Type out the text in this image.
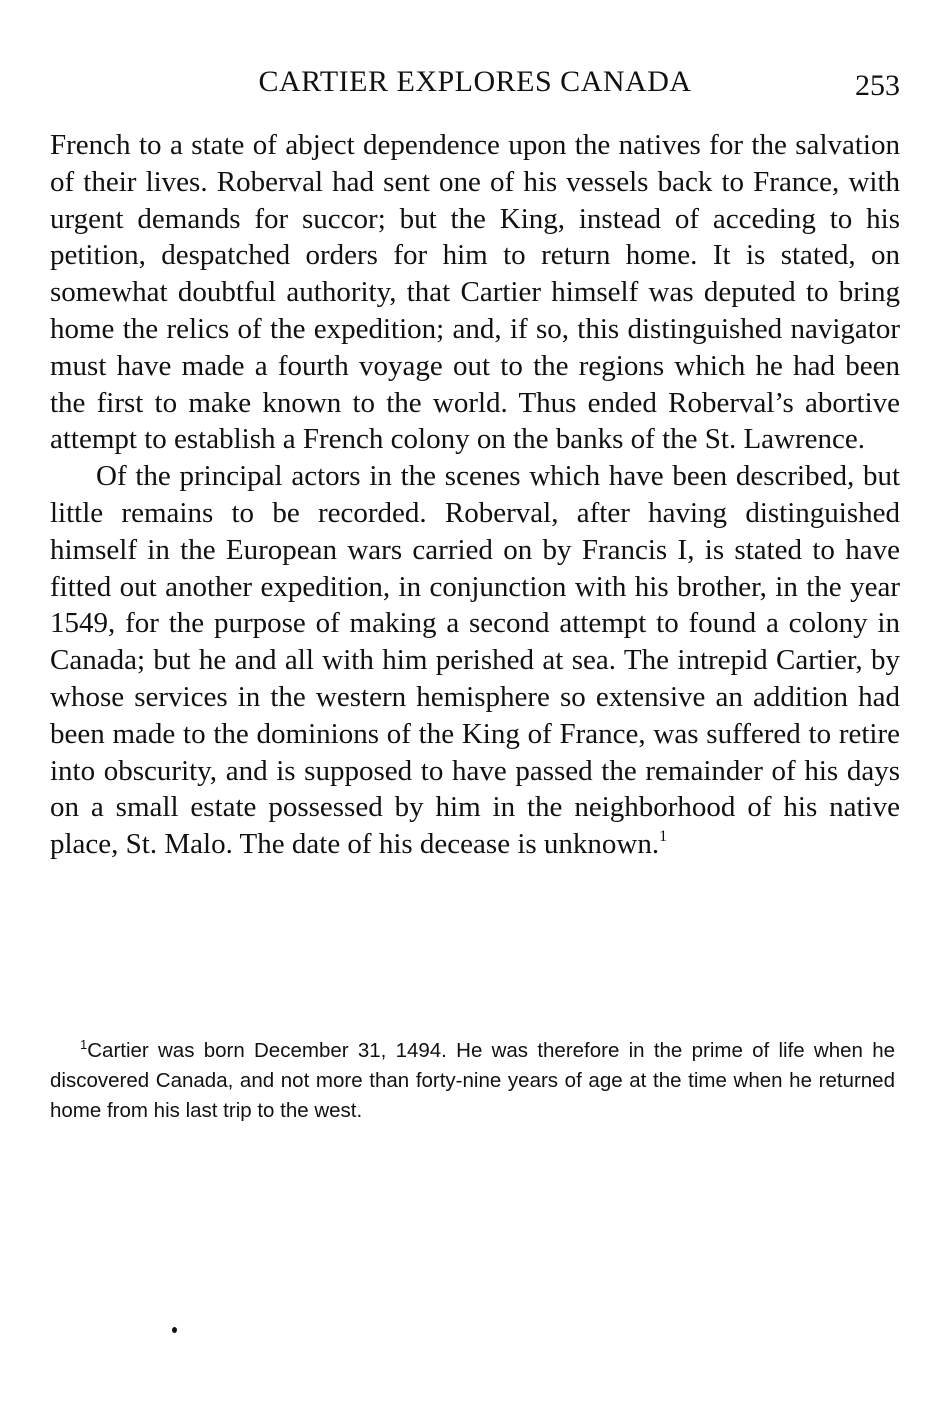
CARTIER EXPLORES CANADA	253

French to a state of abject dependence upon the natives for the salvation of their lives. Roberval had sent one of his vessels back to France, with urgent demands for succor; but the King, instead of acceding to his petition, despatched orders for him to return home. It is stated, on somewhat doubtful authority, that Cartier himself was deputed to bring home the relics of the expedition; and, if so, this distinguished navigator must have made a fourth voyage out to the regions which he had been the first to make known to the world. Thus ended Roberval’s abortive attempt to establish a French colony on the banks of the St. Lawrence.

Of the principal actors in the scenes which have been described, but little remains to be recorded. Roberval, after having distinguished himself in the European wars carried on by Francis I, is stated to have fitted out another expedition, in conjunction with his brother, in the year 1549, for the purpose of making a second attempt to found a colony in Canada; but he and all with him perished at sea. The intrepid Cartier, by whose services in the western hemisphere so extensive an addition had been made to the dominions of the King of France, was suffered to retire into obscurity, and is supposed to have passed the remainder of his days on a small estate possessed by him in the neighborhood of his native place, St. Malo. The date of his decease is unknown.$^1$

$^1$Cartier was born December 31, 1494. He was therefore in the prime of life when he discovered Canada, and not more than forty-nine years of age at the time when he returned home from his last trip to the west.
